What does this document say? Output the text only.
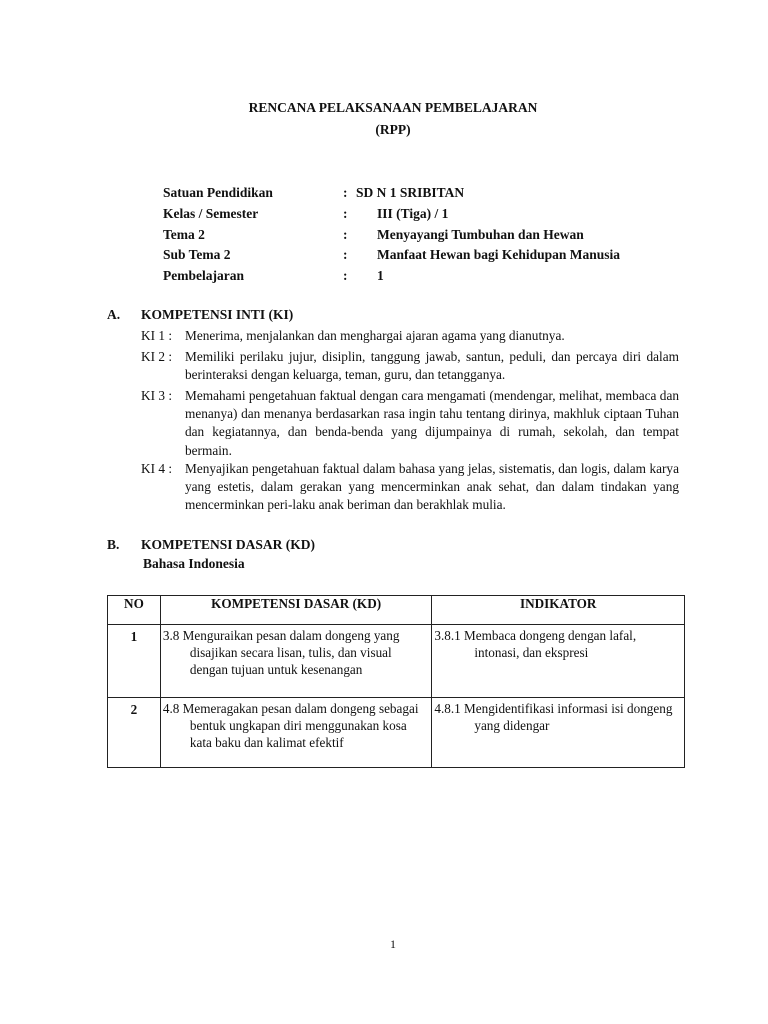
RENCANA PELAKSANAAN PEMBELAJARAN
(RPP)
Satuan Pendidikan	: SD N 1 SRIBITAN
Kelas / Semester	: III (Tiga) / 1
Tema 2	: Menyayangi Tumbuhan dan Hewan
Sub Tema 2	: Manfaat Hewan bagi Kehidupan Manusia
Pembelajaran	: 1
A. KOMPETENSI INTI (KI)
KI 1 : Menerima, menjalankan dan menghargai ajaran agama yang dianutnya.
KI 2 : Memiliki perilaku jujur, disiplin, tanggung jawab, santun, peduli, dan percaya diri dalam berinteraksi dengan keluarga, teman, guru, dan tetangganya.
KI 3 : Memahami pengetahuan faktual dengan cara mengamati (mendengar, melihat, membaca dan menanya) dan menanya berdasarkan rasa ingin tahu tentang dirinya, makhluk ciptaan Tuhan dan kegiatannya, dan benda-benda yang dijumpainya di rumah, sekolah, dan tempat bermain.
KI 4 : Menyajikan pengetahuan faktual dalam bahasa yang jelas, sistematis, dan logis, dalam karya yang estetis, dalam gerakan yang mencerminkan anak sehat, dan dalam tindakan yang mencerminkan peri-laku anak beriman dan berakhlak mulia.
B. KOMPETENSI DASAR (KD)
Bahasa Indonesia
NO	KOMPETENSI DASAR (KD)	INDIKATOR
1	3.8 Menguraikan pesan dalam dongeng yang disajikan secara lisan, tulis, dan visual dengan tujuan untuk kesenangan	3.8.1 Membaca dongeng dengan lafal, intonasi, dan ekspresi

2	4.8 Memeragakan pesan dalam dongeng sebagai bentuk ungkapan diri menggunakan kosa kata baku dan kalimat efektif	4.8.1 Mengidentifikasi informasi isi dongeng yang didengar
1
